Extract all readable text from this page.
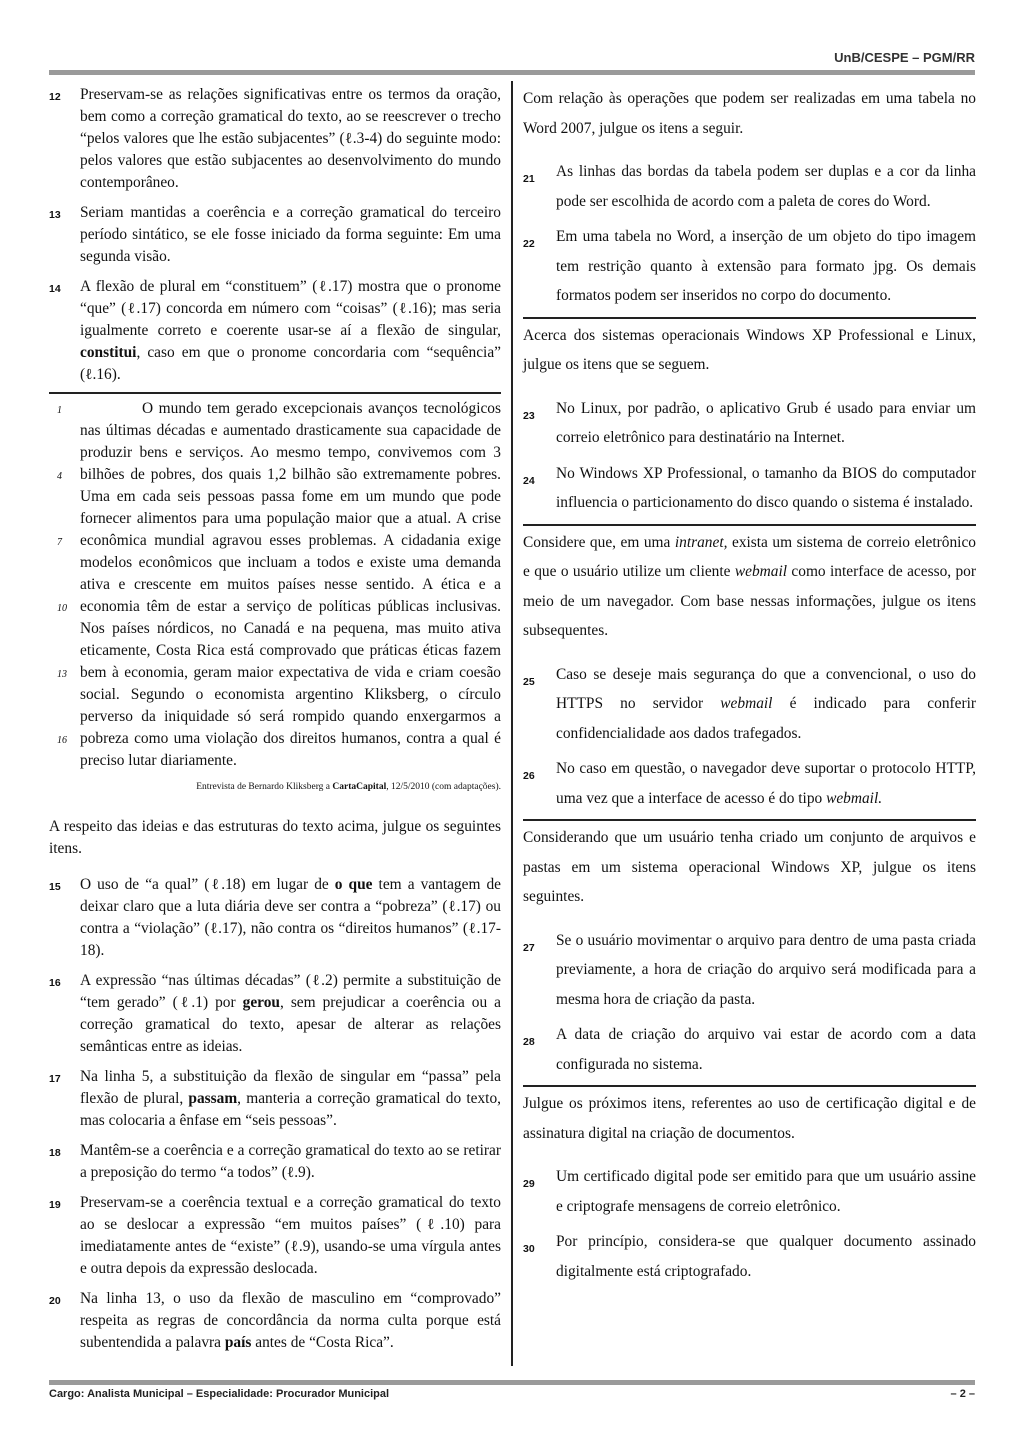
UnB/CESPE – PGM/RR
12 Preservam-se as relações significativas entre os termos da oração, bem como a correção gramatical do texto, ao se reescrever o trecho “pelos valores que lhe estão subjacentes” (ℓ.3-4) do seguinte modo: pelos valores que estão subjacentes ao desenvolvimento do mundo contemporâneo.
13 Seriam mantidas a coerência e a correção gramatical do terceiro período sintático, se ele fosse iniciado da forma seguinte: Em uma segunda visão.
14 A flexão de plural em “constituem” (ℓ.17) mostra que o pronome “que” (ℓ.17) concorda em número com “coisas” (ℓ.16); mas seria igualmente correto e coerente usar-se aí a flexão de singular, constitui, caso em que o pronome concordaria com “sequência” (ℓ.16).
1
4
7
10
13
16
O mundo tem gerado excepcionais avanços tecnológicos nas últimas décadas e aumentado drasticamente sua capacidade de produzir bens e serviços. Ao mesmo tempo, convivemos com 3 bilhões de pobres, dos quais 1,2 bilhão são extremamente pobres. Uma em cada seis pessoas passa fome em um mundo que pode fornecer alimentos para uma população maior que a atual. A crise econômica mundial agravou esses problemas. A cidadania exige modelos econômicos que incluam a todos e existe uma demanda ativa e crescente em muitos países nesse sentido. A ética e a economia têm de estar a serviço de políticas públicas inclusivas. Nos países nórdicos, no Canadá e na pequena, mas muito ativa eticamente, Costa Rica está comprovado que práticas éticas fazem bem à economia, geram maior expectativa de vida e criam coesão social. Segundo o economista argentino Kliksberg, o círculo perverso da iniquidade só será rompido quando enxergarmos a pobreza como uma violação dos direitos humanos, contra a qual é preciso lutar diariamente.
Entrevista de Bernardo Kliksberg a CartaCapital, 12/5/2010 (com adaptações).
A respeito das ideias e das estruturas do texto acima, julgue os seguintes itens.
15 O uso de “a qual” (ℓ.18) em lugar de o que tem a vantagem de deixar claro que a luta diária deve ser contra a “pobreza” (ℓ.17) ou contra a “violação” (ℓ.17), não contra os “direitos humanos” (ℓ.17-18).
16 A expressão “nas últimas décadas” (ℓ.2) permite a substituição de “tem gerado” (ℓ.1) por gerou, sem prejudicar a coerência ou a correção gramatical do texto, apesar de alterar as relações semânticas entre as ideias.
17 Na linha 5, a substituição da flexão de singular em “passa” pela flexão de plural, passam, manteria a correção gramatical do texto, mas colocaria a ênfase em “seis pessoas”.
18 Mantêm-se a coerência e a correção gramatical do texto ao se retirar a preposição do termo “a todos” (ℓ.9).
19 Preservam-se a coerência textual e a correção gramatical do texto ao se deslocar a expressão “em muitos países” (ℓ.10) para imediatamente antes de “existe” (ℓ.9), usando-se uma vírgula antes e outra depois da expressão deslocada.
20 Na linha 13, o uso da flexão de masculino em “comprovado” respeita as regras de concordância da norma culta porque está subentendida a palavra país antes de “Costa Rica”.
Com relação às operações que podem ser realizadas em uma tabela no Word 2007, julgue os itens a seguir.
21 As linhas das bordas da tabela podem ser duplas e a cor da linha pode ser escolhida de acordo com a paleta de cores do Word.
22 Em uma tabela no Word, a inserção de um objeto do tipo imagem tem restrição quanto à extensão para formato jpg. Os demais formatos podem ser inseridos no corpo do documento.
Acerca dos sistemas operacionais Windows XP Professional e Linux, julgue os itens que se seguem.
23 No Linux, por padrão, o aplicativo Grub é usado para enviar um correio eletrônico para destinatário na Internet.
24 No Windows XP Professional, o tamanho da BIOS do computador influencia o particionamento do disco quando o sistema é instalado.
Considere que, em uma intranet, exista um sistema de correio eletrônico e que o usuário utilize um cliente webmail como interface de acesso, por meio de um navegador. Com base nessas informações, julgue os itens subsequentes.
25 Caso se deseje mais segurança do que a convencional, o uso do HTTPS no servidor webmail é indicado para conferir confidencialidade aos dados trafegados.
26 No caso em questão, o navegador deve suportar o protocolo HTTP, uma vez que a interface de acesso é do tipo webmail.
Considerando que um usuário tenha criado um conjunto de arquivos e pastas em um sistema operacional Windows XP, julgue os itens seguintes.
27 Se o usuário movimentar o arquivo para dentro de uma pasta criada previamente, a hora de criação do arquivo será modificada para a mesma hora de criação da pasta.
28 A data de criação do arquivo vai estar de acordo com a data configurada no sistema.
Julgue os próximos itens, referentes ao uso de certificação digital e de assinatura digital na criação de documentos.
29 Um certificado digital pode ser emitido para que um usuário assine e criptografe mensagens de correio eletrônico.
30 Por princípio, considera-se que qualquer documento assinado digitalmente está criptografado.
Cargo: Analista Municipal – Especialidade: Procurador Municipal	– 2 –
